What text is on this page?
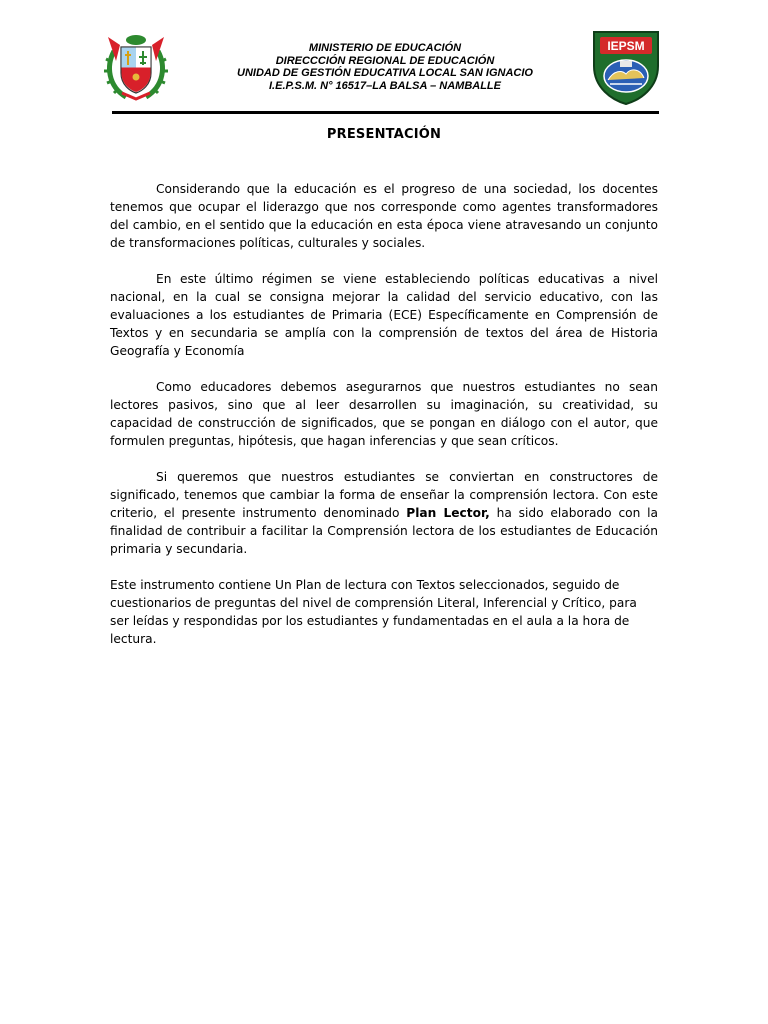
MINISTERIO DE EDUCACIÓN
DIRECCCIÓN REGIONAL DE EDUCACIÓN
UNIDAD DE GESTIÓN EDUCATIVA LOCAL SAN IGNACIO
I.E.P.S.M. N° 16517–LA BALSA – NAMBALLE
IEPSM
PRESENTACIÓN

Considerando que la educación es el progreso de una sociedad, los docentes tenemos que ocupar el liderazgo que nos corresponde como agentes transformadores del cambio, en el sentido que la educación en esta época viene atravesando un conjunto de transformaciones políticas, culturales y sociales.

En este último régimen se viene estableciendo políticas educativas a nivel nacional, en la cual se consigna mejorar la calidad del servicio educativo, con las evaluaciones a los estudiantes de Primaria (ECE) Específicamente en Comprensión de Textos y en secundaria se amplía con la comprensión de textos del área de Historia Geografía y Economía

Como educadores debemos asegurarnos que nuestros estudiantes no sean lectores pasivos, sino que al leer desarrollen su imaginación, su creatividad, su capacidad de construcción de significados, que se pongan en diálogo con el autor, que formulen preguntas, hipótesis, que hagan inferencias y que sean críticos.

Si queremos que nuestros estudiantes se conviertan en constructores de significado, tenemos que cambiar la forma de enseñar la comprensión lectora. Con este criterio, el presente instrumento denominado Plan Lector, ha sido elaborado con la finalidad de contribuir a facilitar la Comprensión lectora de los estudiantes de Educación primaria y secundaria.

Este instrumento contiene Un Plan de lectura con Textos seleccionados, seguido de cuestionarios de preguntas del nivel de comprensión Literal, Inferencial y Crítico, para ser leídas y respondidas por los estudiantes y fundamentadas en el aula a la hora de lectura.
